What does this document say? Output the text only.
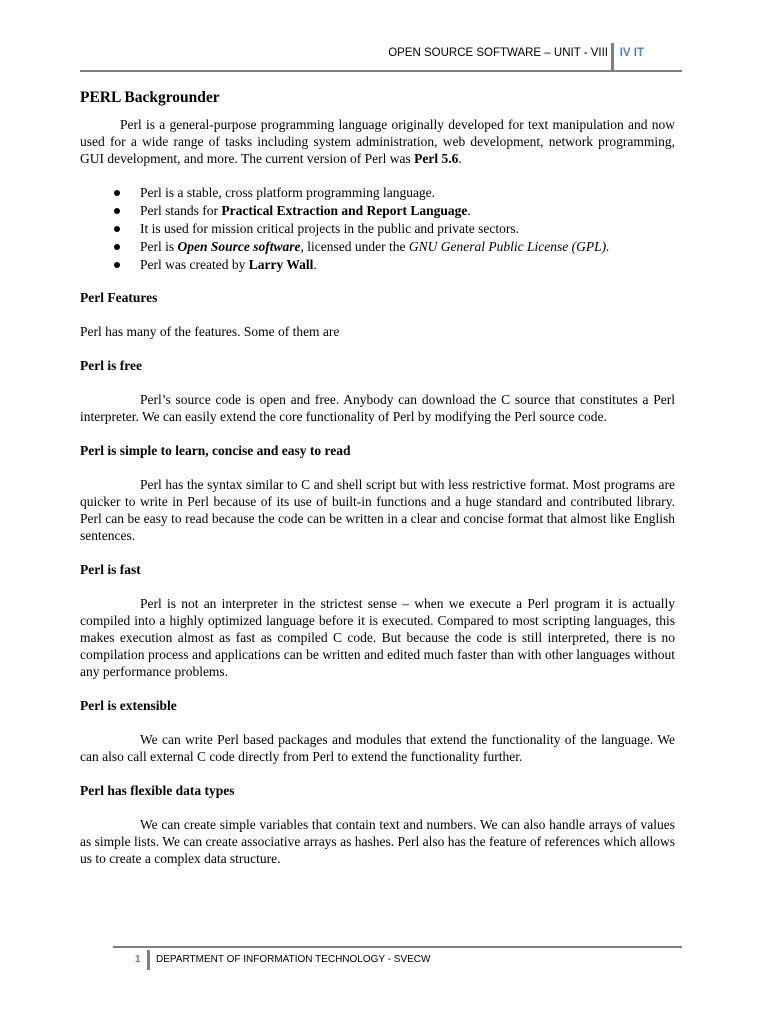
OPEN SOURCE SOFTWARE – UNIT - VIII IV IT
PERL Backgrounder

Perl is a general-purpose programming language originally developed for text manipulation and now used for a wide range of tasks including system administration, web development, network programming, GUI development, and more. The current version of Perl was Perl 5.6.

Perl is a stable, cross platform programming language.
Perl stands for Practical Extraction and Report Language.
It is used for mission critical projects in the public and private sectors.
Perl is Open Source software, licensed under the GNU General Public License (GPL).
Perl was created by Larry Wall.
Perl Features

Perl has many of the features. Some of them are

Perl is free

Perl’s source code is open and free. Anybody can download the C source that constitutes a Perl interpreter. We can easily extend the core functionality of Perl by modifying the Perl source code.

Perl is simple to learn, concise and easy to read

Perl has the syntax similar to C and shell script but with less restrictive format. Most programs are quicker to write in Perl because of its use of built-in functions and a huge standard and contributed library. Perl can be easy to read because the code can be written in a clear and concise format that almost like English sentences.

Perl is fast

Perl is not an interpreter in the strictest sense – when we execute a Perl program it is actually compiled into a highly optimized language before it is executed. Compared to most scripting languages, this makes execution almost as fast as compiled C code. But because the code is still interpreted, there is no compilation process and applications can be written and edited much faster than with other languages without any performance problems.

Perl is extensible

We can write Perl based packages and modules that extend the functionality of the language. We can also call external C code directly from Perl to extend the functionality further.

Perl has flexible data types

We can create simple variables that contain text and numbers. We can also handle arrays of values as simple lists. We can create associative arrays as hashes. Perl also has the feature of references which allows us to create a complex data structure.

1 DEPARTMENT OF INFORMATION TECHNOLOGY - SVECW
